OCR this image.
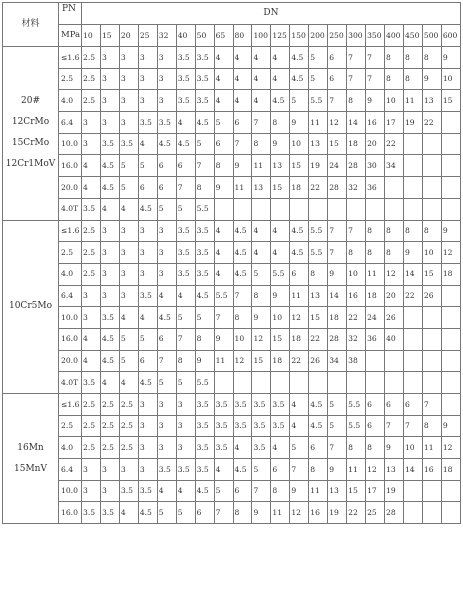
材料	PN	DN																			
	MPa	10	15	20	25	32	40	50	65	80	100	125	150	200	250	300	350	400	450	500	600

20#
12CrMo
15CrMo
12Cr1MoV	≤1.6	2.5	3	3	3	3	3.5	3.5	4	4	4	4	4.5	5	6	7	7	8	8	8	9
	2.5	2.5	3	3	3	3	3.5	3.5	4	4	4	4	4.5	5	6	7	7	8	8	9	10
	4.0	2.5	3	3	3	3	3.5	3.5	4	4	4	4.5	5	5.5	7	8	9	10	11	13	15
	6.4	3	3	3	3.5	3.5	4	4.5	5	6	7	8	9	11	12	14	16	17	19	22	
	10.0	3	3.5	3.5	4	4.5	4.5	5	6	7	8	9	10	13	15	18	20	22			
	16.0	4	4.5	5	5	6	6	7	8	9	11	13	15	19	24	28	30	34			
	20.0	4	4.5	5	6	6	7	8	9	11	13	15	18	22	28	32	36				
	4.0T	3.5	4	4	4.5	5	5	5.5													

10Cr5Mo	≤1.6	2.5	3	3	3	3	3.5	3.5	4	4.5	4	4	4.5	5.5	7	7	8	8	8	8	9
	2.5	2.5	3	3	3	3	3.5	3.5	4	4.5	4	4	4.5	5.5	7	8	8	8	9	10	12
	4.0	2.5	3	3	3	3	3.5	3.5	4	4.5	5	5.5	6	8	9	10	11	12	14	15	18
	6.4	3	3	3	3.5	4	4	4.5	5.5	7	8	9	11	13	14	16	18	20	22	26	
	10.0	3	3.5	4	4	4.5	5	5	7	8	9	10	12	15	18	22	24	26			
	16.0	4	4.5	5	5	6	7	8	9	10	12	15	18	22	28	32	36	40			
	20.0	4	4.5	5	6	7	8	9	11	12	15	18	22	26	34	38					
	4.0T	3.5	4	4	4.5	5	5	5.5													

16Mn
15MnV	≤1.6	2.5	2.5	2.5	3	3	3	3.5	3.5	3.5	3.5	3.5	4	4.5	5	5.5	6	6	6	7	
	2.5	2.5	2.5	2.5	3	3	3	3.5	3.5	3.5	3.5	3.5	4	4.5	5	5.5	6	7	7	8	9
	4.0	2.5	2.5	2.5	3	3	3	3.5	3.5	4	3.5	4	5	6	7	8	8	9	10	11	12
	6.4	3	3	3	3	3.5	3.5	3.5	4	4.5	5	6	7	8	9	11	12	13	14	16	18
	10.0	3	3	3.5	3.5	4	4	4.5	5	6	7	8	9	11	13	15	17	19			
	16.0	3.5	3.5	4	4.5	5	5	6	7	8	9	11	12	16	19	22	25	28			
